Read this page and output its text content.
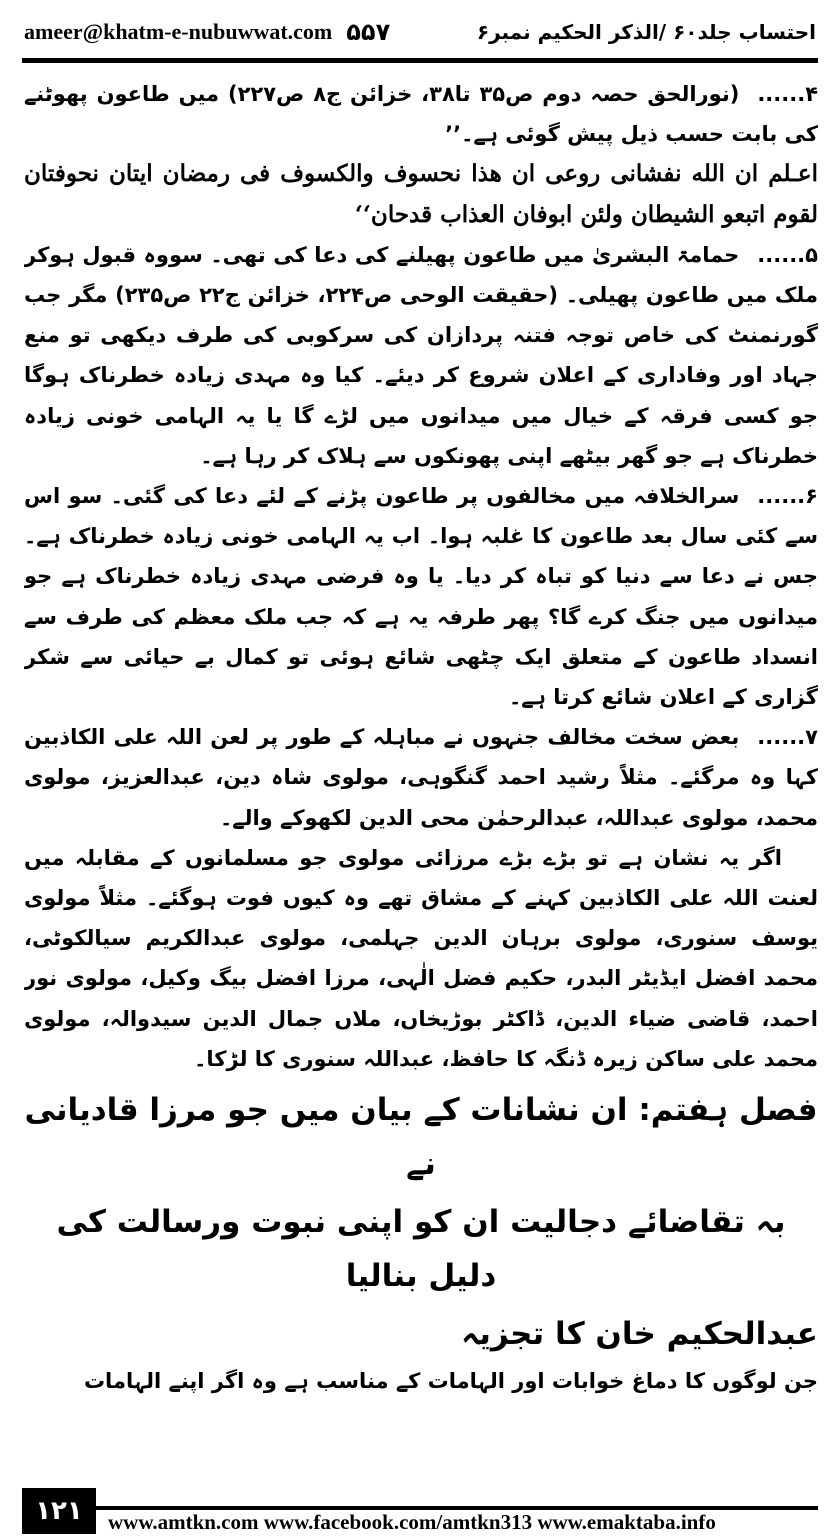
ameer@khatm-e-nubuwwat.com ۵۵۷	احتساب جلد۶۰ /الذکر الحکیم نمبر۶

۴......(نورالحق حصہ دوم ص۳۵ تا۳۸، خزائن ج۸ ص۲۲۷) میں طاعون پھوٹنے کی بابت حسب ذیل پیش گوئی ہے۔’’

اعـلم ان الله نفشانی روعی ان هذا نحسوف والكسوف فی رمضان ایتان نحوفتان لقوم اتبعو الشیطان ولئن ابوفان العذاب قدحان‘‘

۵......حمامۃ البشریٰ میں طاعون پھیلنے کی دعا کی تھی۔ سووہ قبول ہوکر ملک میں طاعون پھیلی۔ (حقیقت الوحی ص۲۲۴، خزائن ج۲۲ ص۲۳۵) مگر جب گورنمنٹ کی خاص توجہ فتنہ پردازان کی سرکوبی کی طرف دیکھی تو منع جہاد اور وفاداری کے اعلان شروع کر دیئے۔ کیا وہ مہدی زیادہ خطرناک ہوگا جو کسی فرقہ کے خیال میں میدانوں میں لڑے گا یا یہ الہامی خونی زیادہ خطرناک ہے جو گھر بیٹھے اپنی پھونکوں سے ہلاک کر رہا ہے۔

۶......سرالخلافہ میں مخالفوں پر طاعون پڑنے کے لئے دعا کی گئی۔ سو اس سے کئی سال بعد طاعون کا غلبہ ہوا۔ اب یہ الہامی خونی زیادہ خطرناک ہے۔ جس نے دعا سے دنیا کو تباہ کر دیا۔ یا وہ فرضی مہدی زیادہ خطرناک ہے جو میدانوں میں جنگ کرے گا؟ پھر طرفہ یہ ہے کہ جب ملک معظم کی طرف سے انسداد طاعون کے متعلق ایک چٹھی شائع ہوئی تو کمال بے حیائی سے شکر گزاری کے اعلان شائع کرتا ہے۔

۷......بعض سخت مخالف جنہوں نے مباہلہ کے طور پر لعن اللہ علی الکاذبین کہا وہ مرگئے۔ مثلاً رشید احمد گنگوہی، مولوی شاہ دین، عبدالعزیز، مولوی محمد، مولوی عبداللہ، عبدالرحمٰن محی الدین لکھوکے والے۔

اگر یہ نشان ہے تو بڑے بڑے مرزائی مولوی جو مسلمانوں کے مقابلہ میں لعنت اللہ علی الکاذبین کہنے کے مشاق تھے وہ کیوں فوت ہوگئے۔ مثلاً مولوی یوسف سنوری، مولوی برہان الدین جہلمی، مولوی عبدالکریم سیالکوٹی، محمد افضل ایڈیٹر البدر، حکیم فضل الٰہی، مرزا افضل بیگ وکیل، مولوی نور احمد، قاضی ضیاء الدین، ڈاکٹر بوڑیخاں، ملاں جمال الدین سیدوالہ، مولوی محمد علی ساکن زیرہ ڈنگہ کا حافظ، عبداللہ سنوری کا لڑکا۔

فصل ہفتم: ان نشانات کے بیان میں جو مرزا قادیانی نے
بہ تقاضائے دجالیت ان کو اپنی نبوت ورسالت کی دلیل بنالیا
عبدالحکیم خان کا تجزیہ

جن لوگوں کا دماغ خوابات اور الہامات کے مناسب ہے وہ اگر اپنے الہامات

۱۲۱	www.amtkn.com www.facebook.com/amtkn313 www.emaktaba.info
